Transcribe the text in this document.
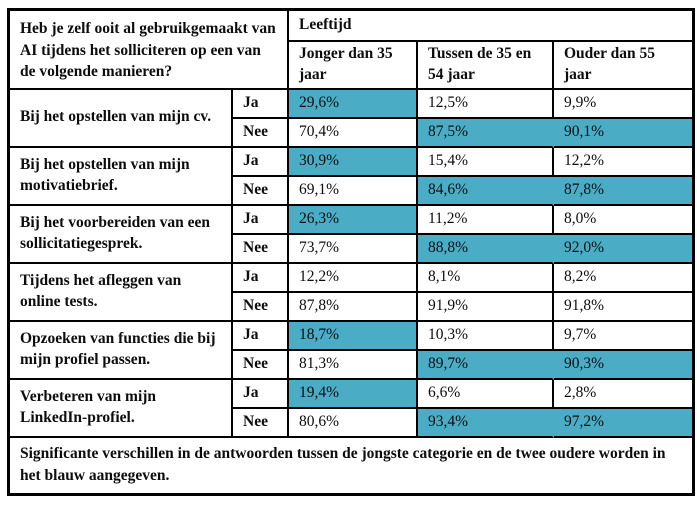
Heb je zelf ooit al gebruikgemaakt van AI tijdens het solliciteren op een van de volgende manieren?		Leeftijd		
		Jonger dan 35 jaar	Tussen de 35 en 54 jaar	Ouder dan 55 jaar
Bij het opstellen van mijn cv.	Ja	29,6%	12,5%	9,9%
	Nee	70,4%	87,5%	90,1%
Bij het opstellen van mijn motivatiebrief.	Ja	30,9%	15,4%	12,2%
	Nee	69,1%	84,6%	87,8%
Bij het voorbereiden van een sollicitatiegesprek.	Ja	26,3%	11,2%	8,0%
	Nee	73,7%	88,8%	92,0%
Tijdens het afleggen van online tests.	Ja	12,2%	8,1%	8,2%
	Nee	87,8%	91,9%	91,8%
Opzoeken van functies die bij mijn profiel passen.	Ja	18,7%	10,3%	9,7%
	Nee	81,3%	89,7%	90,3%
Verbeteren van mijn LinkedIn-profiel.	Ja	19,4%	6,6%	2,8%
	Nee	80,6%	93,4%	97,2%
Significante verschillen in de antwoorden tussen de jongste categorie en de twee oudere worden in het blauw aangegeven.				
